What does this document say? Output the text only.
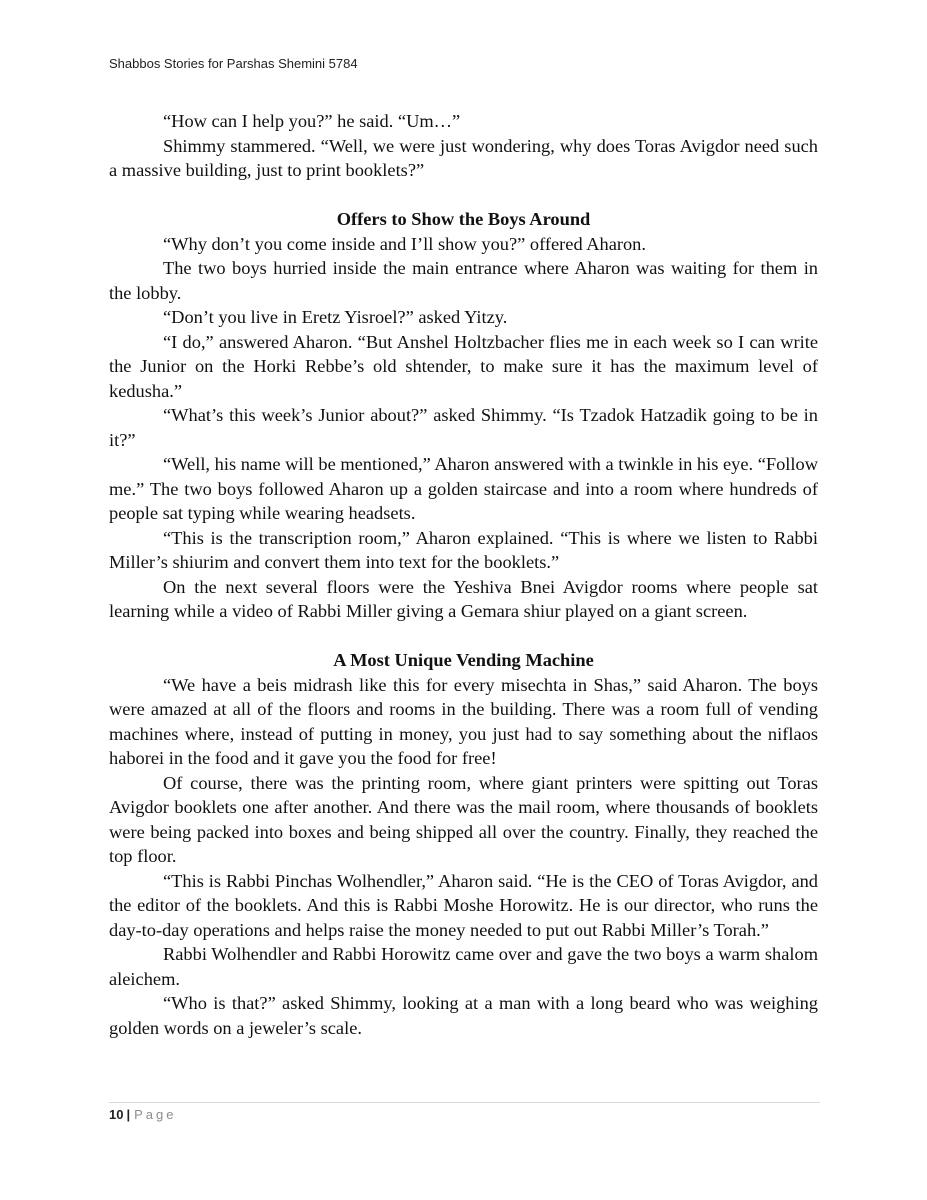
Shabbos Stories for Parshas Shemini 5784

“How can I help you?” he said. “Um…”

Shimmy stammered. “Well, we were just wondering, why does Toras Avigdor need such a massive building, just to print booklets?”

Offers to Show the Boys Around

“Why don’t you come inside and I’ll show you?” offered Aharon.

The two boys hurried inside the main entrance where Aharon was waiting for them in the lobby.

“Don’t you live in Eretz Yisroel?” asked Yitzy.

“I do,” answered Aharon. “But Anshel Holtzbacher flies me in each week so I can write the Junior on the Horki Rebbe’s old shtender, to make sure it has the maximum level of kedusha.”

“What’s this week’s Junior about?” asked Shimmy. “Is Tzadok Hatzadik going to be in it?”

“Well, his name will be mentioned,” Aharon answered with a twinkle in his eye. “Follow me.” The two boys followed Aharon up a golden staircase and into a room where hundreds of people sat typing while wearing headsets.

“This is the transcription room,” Aharon explained. “This is where we listen to Rabbi Miller’s shiurim and convert them into text for the booklets.”

On the next several floors were the Yeshiva Bnei Avigdor rooms where people sat learning while a video of Rabbi Miller giving a Gemara shiur played on a giant screen.

A Most Unique Vending Machine

“We have a beis midrash like this for every misechta in Shas,” said Aharon. The boys were amazed at all of the floors and rooms in the building. There was a room full of vending machines where, instead of putting in money, you just had to say something about the niflaos haborei in the food and it gave you the food for free!

Of course, there was the printing room, where giant printers were spitting out Toras Avigdor booklets one after another. And there was the mail room, where thousands of booklets were being packed into boxes and being shipped all over the country. Finally, they reached the top floor.

“This is Rabbi Pinchas Wolhendler,” Aharon said. “He is the CEO of Toras Avigdor, and the editor of the booklets. And this is Rabbi Moshe Horowitz. He is our director, who runs the day-to-day operations and helps raise the money needed to put out Rabbi Miller’s Torah.”

Rabbi Wolhendler and Rabbi Horowitz came over and gave the two boys a warm shalom aleichem.

“Who is that?” asked Shimmy, looking at a man with a long beard who was weighing golden words on a jeweler’s scale.

10 | Page
